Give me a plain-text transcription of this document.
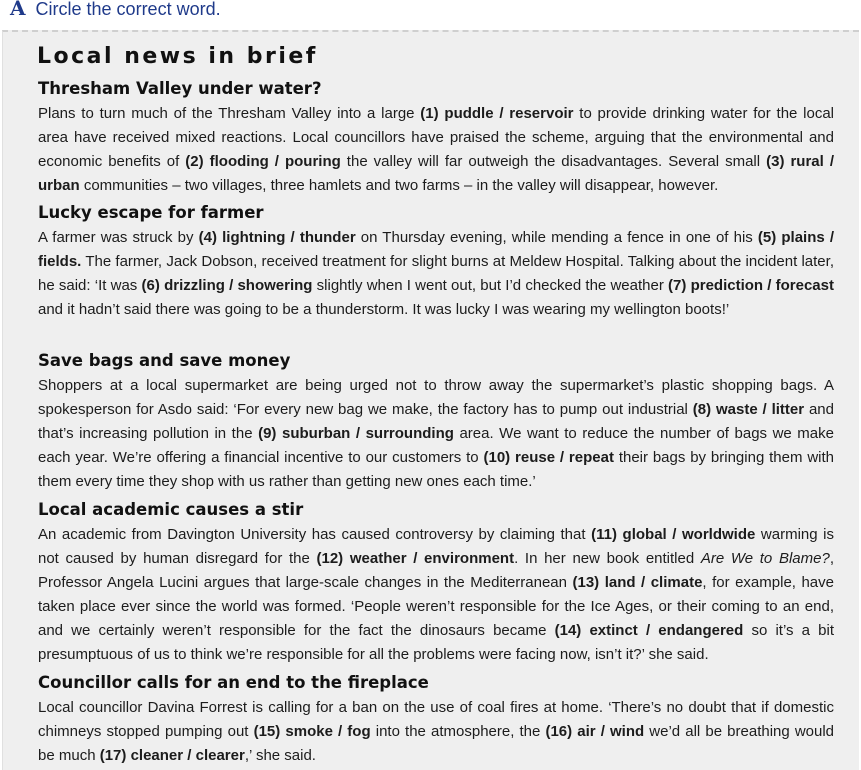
A Circle the correct word.
Local news in brief
Thresham Valley under water?

Plans to turn much of the Thresham Valley into a large (1) puddle / reservoir to provide drinking water for the local area have received mixed reactions. Local councillors have praised the scheme, arguing that the environmental and economic benefits of (2) flooding / pouring the valley will far outweigh the disadvantages. Several small (3) rural / urban communities – two villages, three hamlets and two farms – in the valley will disappear, however.

Lucky escape for farmer

A farmer was struck by (4) lightning / thunder on Thursday evening, while mending a fence in one of his (5) plains / fields. The farmer, Jack Dobson, received treatment for slight burns at Meldew Hospital. Talking about the incident later, he said: ‘It was (6) drizzling / showering slightly when I went out, but I’d checked the weather (7) prediction / forecast and it hadn’t said there was going to be a thunderstorm. It was lucky I was wearing my wellington boots!’

Save bags and save money

Shoppers at a local supermarket are being urged not to throw away the supermarket’s plastic shopping bags. A spokesperson for Asdo said: ‘For every new bag we make, the factory has to pump out industrial (8) waste / litter and that’s increasing pollution in the (9) suburban / surrounding area. We want to reduce the number of bags we make each year. We’re offering a financial incentive to our customers to (10) reuse / repeat their bags by bringing them with them every time they shop with us rather than getting new ones each time.’

Local academic causes a stir

An academic from Davington University has caused controversy by claiming that (11) global / worldwide warming is not caused by human disregard for the (12) weather / environment. In her new book entitled Are We to Blame?, Professor Angela Lucini argues that large-scale changes in the Mediterranean (13) land / climate, for example, have taken place ever since the world was formed. ‘People weren’t responsible for the Ice Ages, or their coming to an end, and we certainly weren’t responsible for the fact the dinosaurs became (14) extinct / endangered so it’s a bit presumptuous of us to think we’re responsible for all the problems were facing now, isn’t it?’ she said.

Councillor calls for an end to the fireplace

Local councillor Davina Forrest is calling for a ban on the use of coal fires at home. ‘There’s no doubt that if domestic chimneys stopped pumping out (15) smoke / fog into the atmosphere, the (16) air / wind we’d all be breathing would be much (17) cleaner / clearer,’ she said.
